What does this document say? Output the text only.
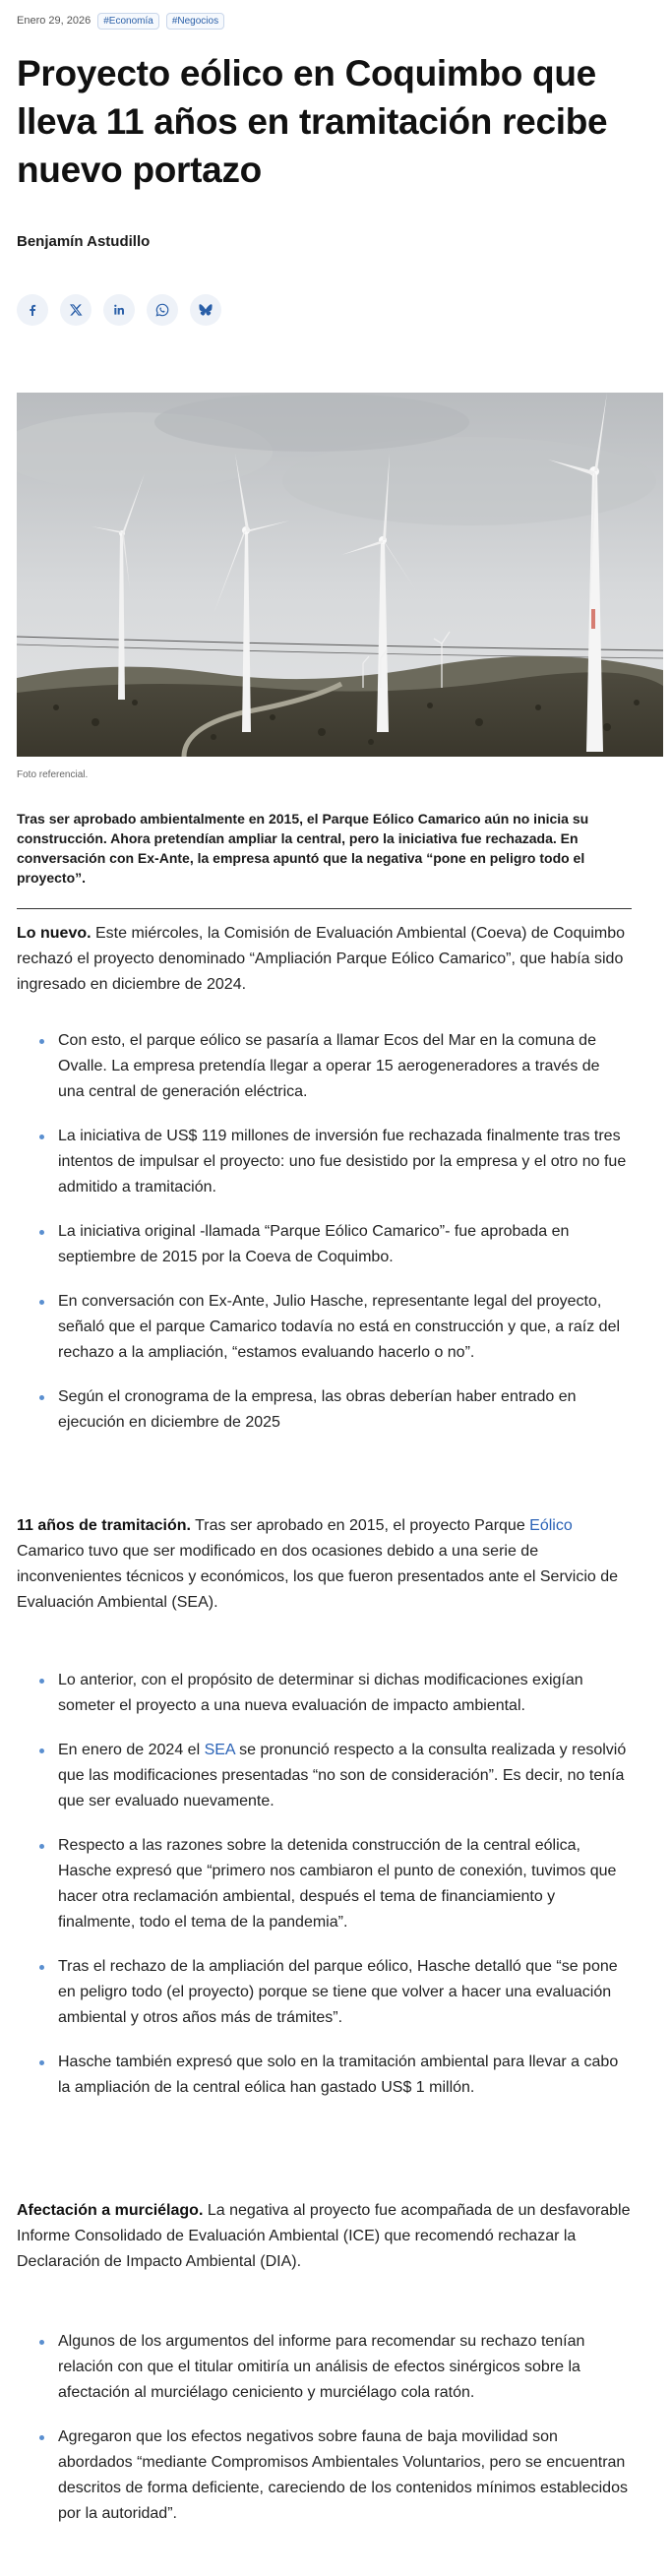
Enero 29, 2026	#Economía	#Negocios
Proyecto eólico en Coquimbo que lleva 11 años en tramitación recibe nuevo portazo
Benjamín Astudillo
Foto referencial.

Tras ser aprobado ambientalmente en 2015, el Parque Eólico Camarico aún no inicia su construcción. Ahora pretendían ampliar la central, pero la iniciativa fue rechazada. En conversación con Ex-Ante, la empresa apuntó que la negativa “pone en peligro todo el proyecto”.

Lo nuevo. Este miércoles, la Comisión de Evaluación Ambiental (Coeva) de Coquimbo rechazó el proyecto denominado “Ampliación Parque Eólico Camarico”, que había sido ingresado en diciembre de 2024.

Con esto, el parque eólico se pasaría a llamar Ecos del Mar en la comuna de Ovalle. La empresa pretendía llegar a operar 15 aerogeneradores a través de una central de generación eléctrica.
La iniciativa de US$ 119 millones de inversión fue rechazada finalmente tras tres intentos de impulsar el proyecto: uno fue desistido por la empresa y el otro no fue admitido a tramitación.
La iniciativa original -llamada “Parque Eólico Camarico”- fue aprobada en septiembre de 2015 por la Coeva de Coquimbo.
En conversación con Ex-Ante, Julio Hasche, representante legal del proyecto, señaló que el parque Camarico todavía no está en construcción y que, a raíz del rechazo a la ampliación, “estamos evaluando hacerlo o no”.
Según el cronograma de la empresa, las obras deberían haber entrado en ejecución en diciembre de 2025

11 años de tramitación. Tras ser aprobado en 2015, el proyecto Parque Eólico Camarico tuvo que ser modificado en dos ocasiones debido a una serie de inconvenientes técnicos y económicos, los que fueron presentados ante el Servicio de Evaluación Ambiental (SEA).

Lo anterior, con el propósito de determinar si dichas modificaciones exigían someter el proyecto a una nueva evaluación de impacto ambiental.
En enero de 2024 el SEA se pronunció respecto a la consulta realizada y resolvió que las modificaciones presentadas “no son de consideración”. Es decir, no tenía que ser evaluado nuevamente.
Respecto a las razones sobre la detenida construcción de la central eólica, Hasche expresó que “primero nos cambiaron el punto de conexión, tuvimos que hacer otra reclamación ambiental, después el tema de financiamiento y finalmente, todo el tema de la pandemia”.
Tras el rechazo de la ampliación del parque eólico, Hasche detalló que “se pone en peligro todo (el proyecto) porque se tiene que volver a hacer una evaluación ambiental y otros años más de trámites”.
Hasche también expresó que solo en la tramitación ambiental para llevar a cabo la ampliación de la central eólica han gastado US$ 1 millón.

Afectación a murciélago. La negativa al proyecto fue acompañada de un desfavorable Informe Consolidado de Evaluación Ambiental (ICE) que recomendó rechazar la Declaración de Impacto Ambiental (DIA).

Algunos de los argumentos del informe para recomendar su rechazo tenían relación con que el titular omitiría un análisis de efectos sinérgicos sobre la afectación al murciélago ceniciento y murciélago cola ratón.
Agregaron que los efectos negativos sobre fauna de baja movilidad son abordados “mediante Compromisos Ambientales Voluntarios, pero se encuentran descritos de forma deficiente, careciendo de los contenidos mínimos establecidos por la autoridad”.
